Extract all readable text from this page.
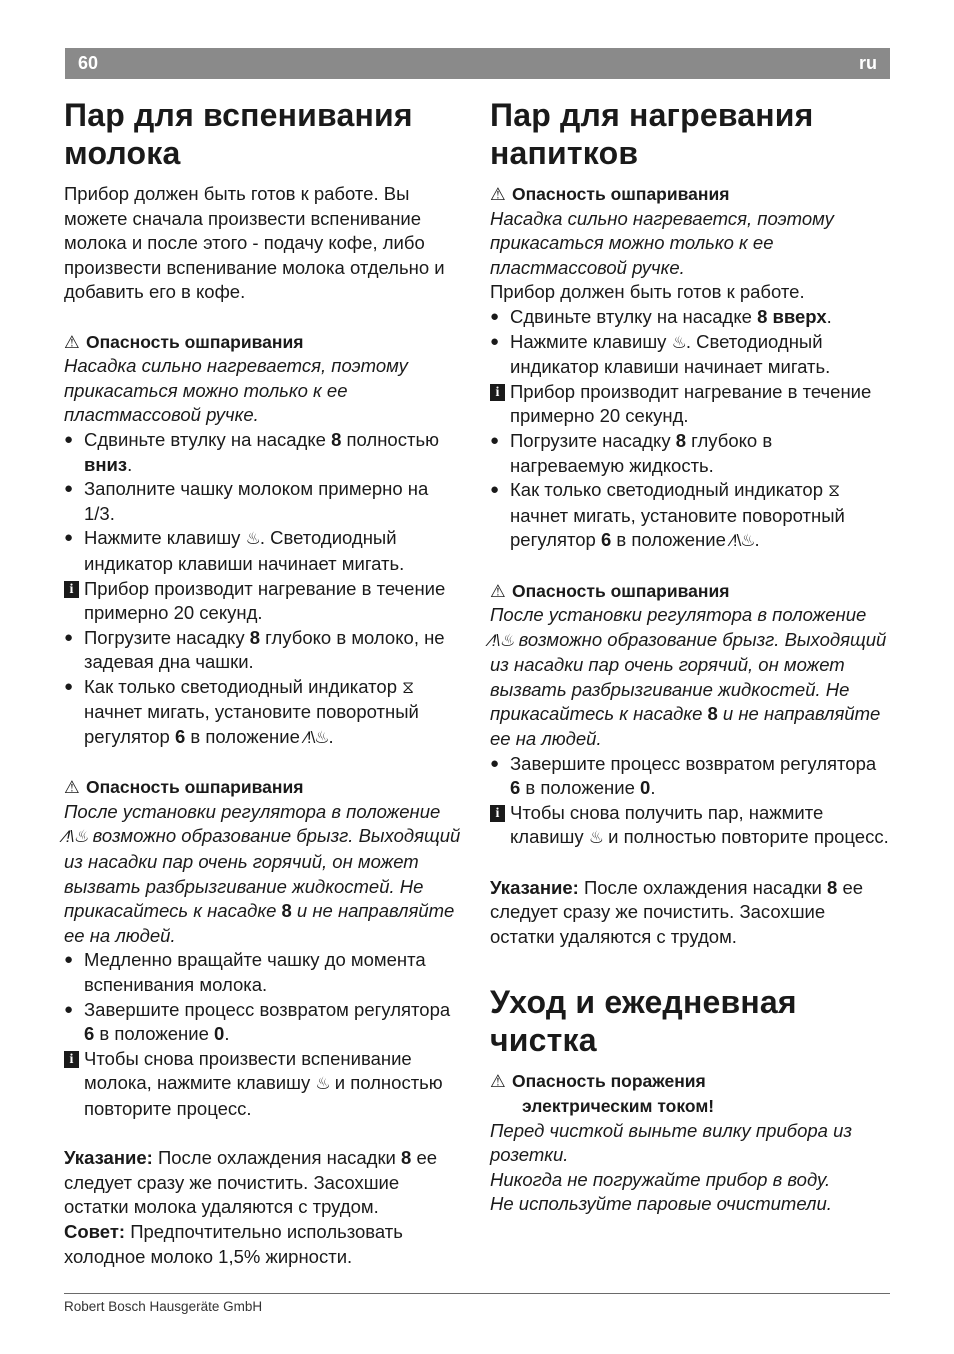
60	ru
Пар для вспенивания молока

Прибор должен быть готов к работе. Вы можете сначала произвести вспенивание молока и после этого - подачу кофе, либо произвести вспенивание молока отдельно и добавить его в кофе.

⚠ Опасность ошпаривания

Насадка сильно нагревается, поэтому прикасаться можно только к ее пластмассовой ручке.

● Сдвиньте втулку на насадке 8 полностью вниз.
● Заполните чашку молоком примерно на 1/3.
● Нажмите клавишу ♨. Светодиодный индикатор клавиши начинает мигать.
i Прибор производит нагревание в течение примерно 20 секунд.
● Погрузите насадку 8 глубоко в молоко, не задевая дна чашки.
● Как только светодиодный индикатор ⧖ начнет мигать, установите поворотный регулятор 6 в положение ⁄!\♨.

⚠ Опасность ошпаривания

После установки регулятора в положение ⁄!\♨ возможно образование брызг. Выходящий из насадки пар очень горячий, он может вызвать разбрызгивание жидкостей. Не прикасайтесь к насадке 8 и не направляйте ее на людей.

● Медленно вращайте чашку до момента вспенивания молока.
● Завершите процесс возвратом регулятора 6 в положение 0.
i Чтобы снова произвести вспенивание молока, нажмите клавишу ♨ и полностью повторите процесс.

Указание: После охлаждения насадки 8 ее следует сразу же почистить. Засохшие остатки молока удаляются с трудом.

Совет: Предпочтительно использовать холодное молоко 1,5% жирности.

Пар для нагревания напитков

⚠ Опасность ошпаривания

Насадка сильно нагревается, поэтому прикасаться можно только к ее пластмассовой ручке.

Прибор должен быть готов к работе.

● Сдвиньте втулку на насадке 8 вверх.
● Нажмите клавишу ♨. Светодиодный индикатор клавиши начинает мигать.
i Прибор производит нагревание в течение примерно 20 секунд.
● Погрузите насадку 8 глубоко в нагреваемую жидкость.
● Как только светодиодный индикатор ⧖ начнет мигать, установите поворотный регулятор 6 в положение ⁄!\♨.

⚠ Опасность ошпаривания

После установки регулятора в положение ⁄!\♨ возможно образование брызг. Выходящий из насадки пар очень горячий, он может вызвать разбрызгивание жидкостей. Не прикасайтесь к насадке 8 и не направляйте ее на людей.

● Завершите процесс возвратом регулятора 6 в положение 0.
i Чтобы снова получить пар, нажмите клавишу ♨ и полностью повторите процесс.

Указание: После охлаждения насадки 8 ее следует сразу же почистить. Засохшие остатки удаляются с трудом.

Уход и ежедневная чистка

⚠ Опасность поражения

электрическим током!

Перед чисткой выньте вилку прибора из розетки.

Никогда не погружайте прибор в воду.

Не используйте паровые очистители.

Robert Bosch Hausgeräte GmbH
